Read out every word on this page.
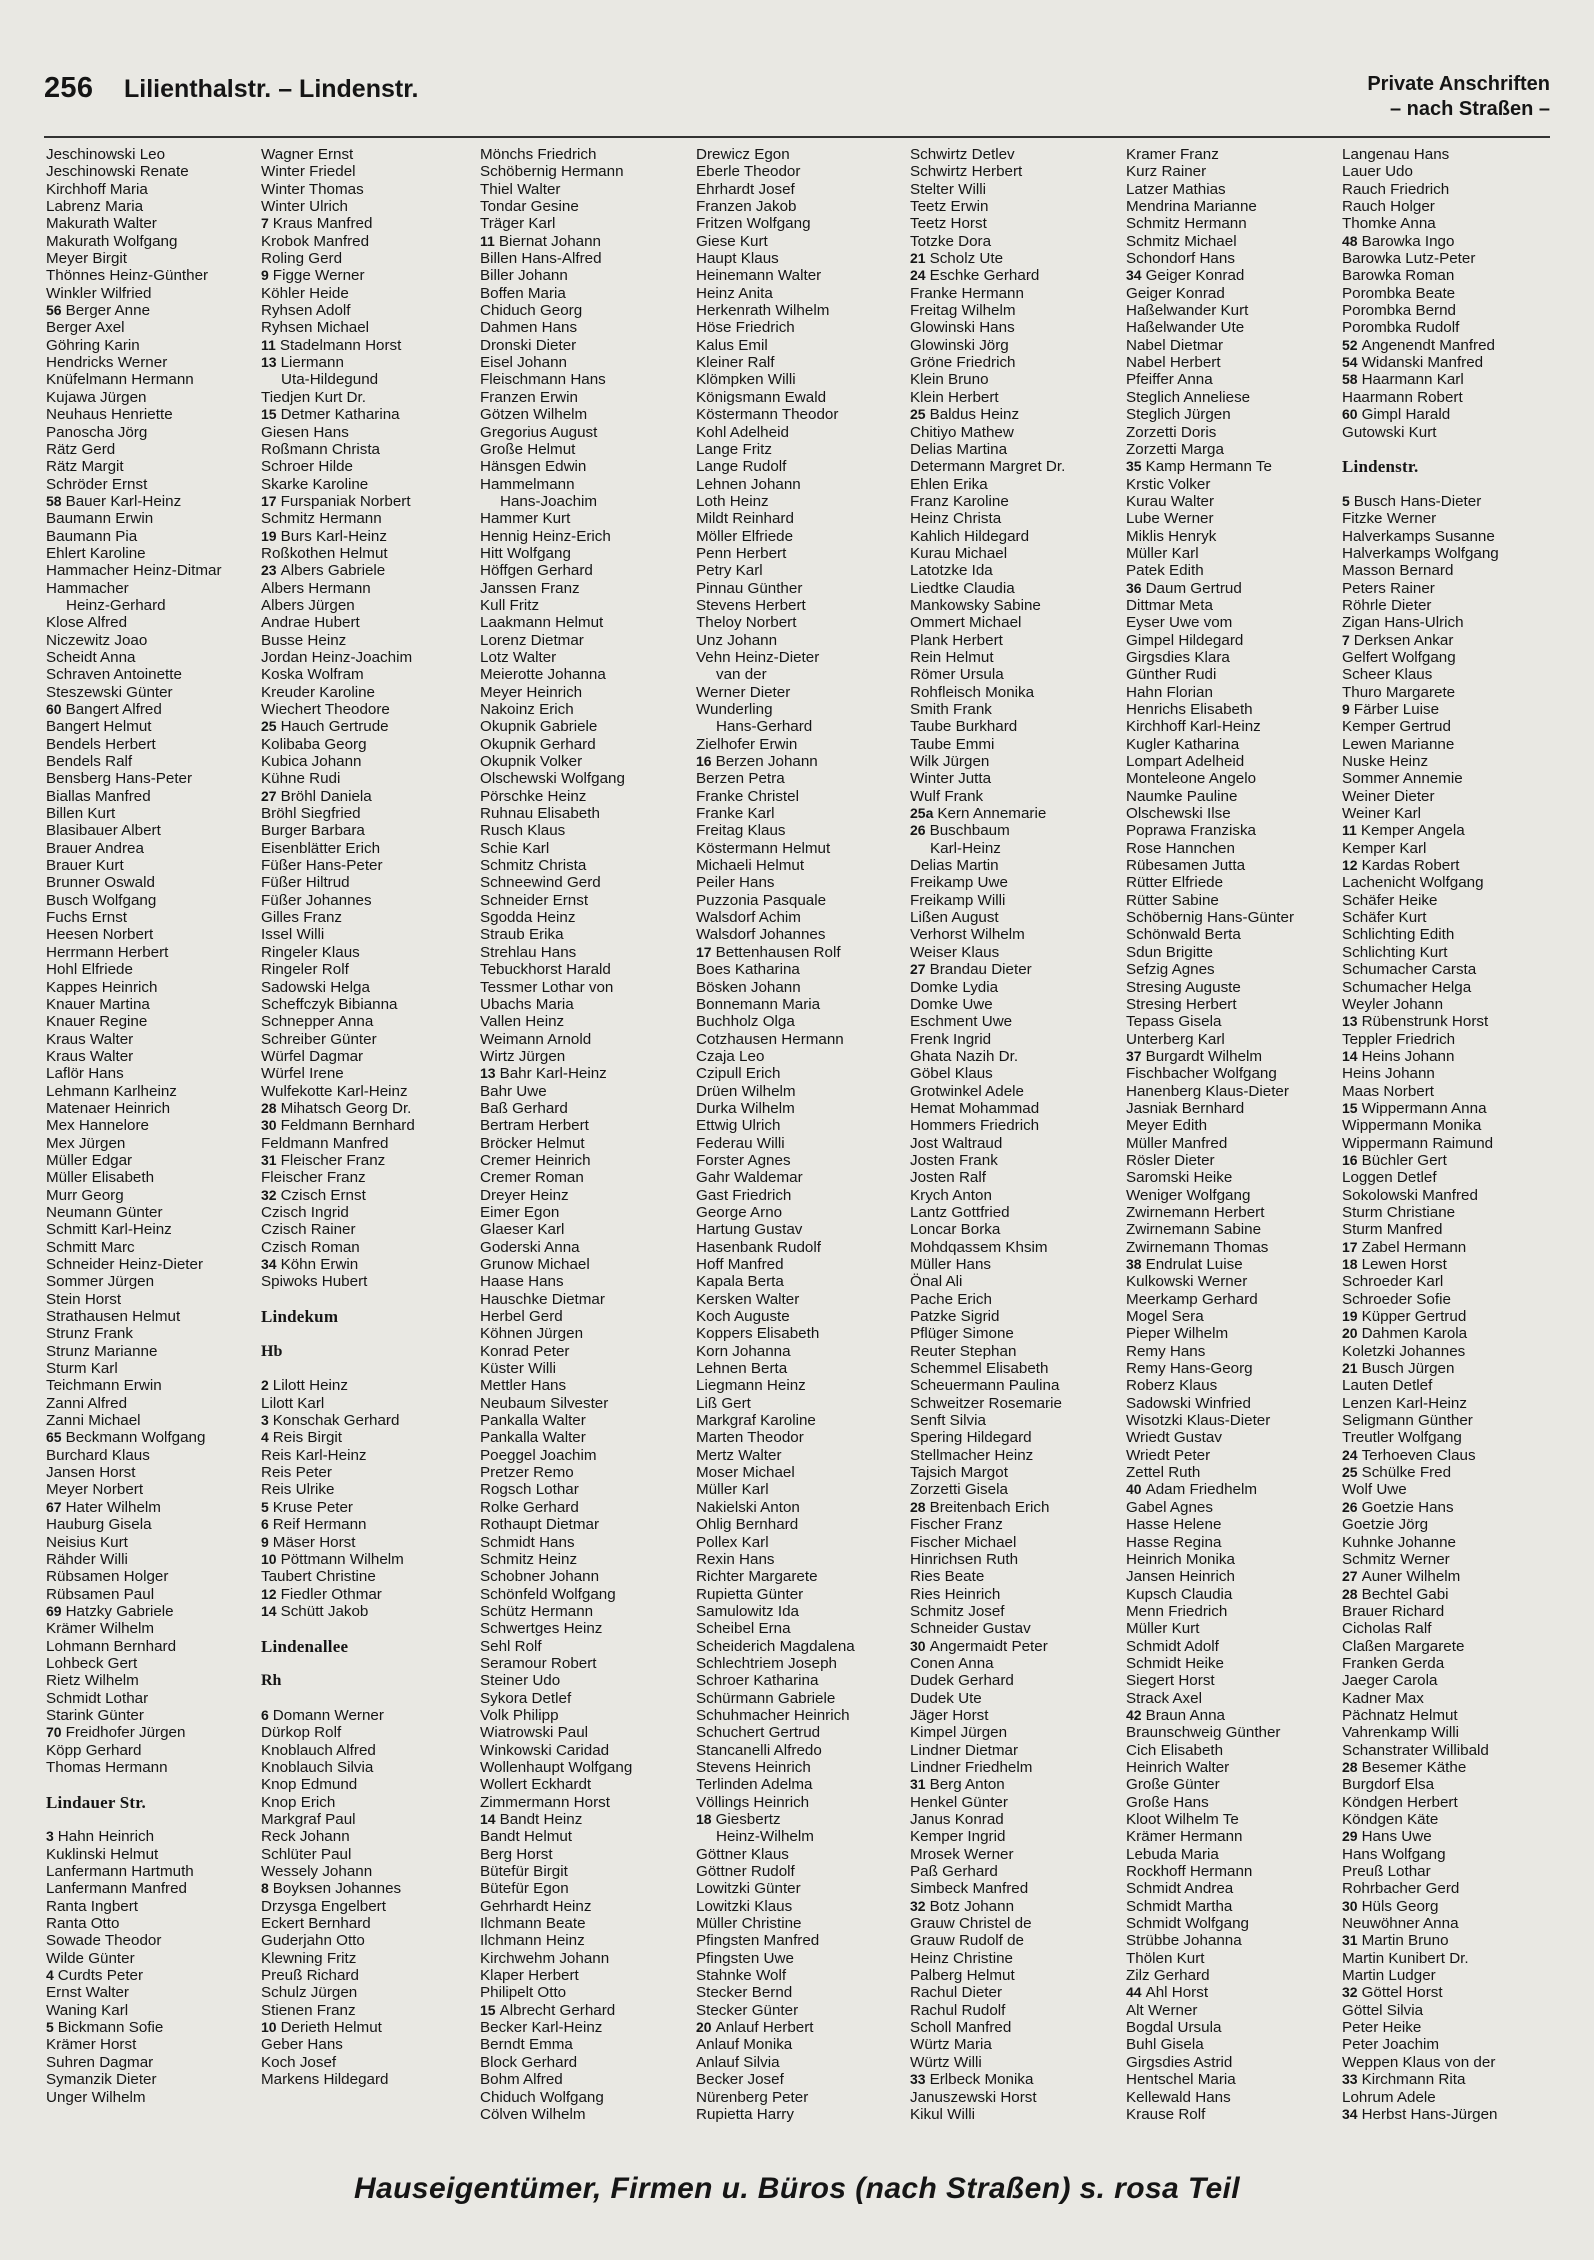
256 Lilienthalstr. – Lindenstr.	Private Anschriften
– nach Straßen –
Jeschinowski Leo
Jeschinowski Renate
Kirchhoff Maria
Labrenz Maria
Makurath Walter
Makurath Wolfgang
Meyer Birgit
Thönnes Heinz-Günther
Winkler Wilfried
56 Berger Anne
Berger Axel
Göhring Karin
Hendricks Werner
Knüfelmann Hermann
Kujawa Jürgen
Neuhaus Henriette
Panoscha Jörg
Rätz Gerd
Rätz Margit
Schröder Ernst
58 Bauer Karl-Heinz
Baumann Erwin
Baumann Pia
Ehlert Karoline
Hammacher Heinz-Ditmar
Hammacher
Heinz-Gerhard
Klose Alfred
Niczewitz Joao
Scheidt Anna
Schraven Antoinette
Steszewski Günter
60 Bangert Alfred
Bangert Helmut
Bendels Herbert
Bendels Ralf
Bensberg Hans-Peter
Biallas Manfred
Billen Kurt
Blasibauer Albert
Brauer Andrea
Brauer Kurt
Brunner Oswald
Busch Wolfgang
Fuchs Ernst
Heesen Norbert
Herrmann Herbert
Hohl Elfriede
Kappes Heinrich
Knauer Martina
Knauer Regine
Kraus Walter
Kraus Walter
Laflör Hans
Lehmann Karlheinz
Matenaer Heinrich
Mex Hannelore
Mex Jürgen
Müller Edgar
Müller Elisabeth
Murr Georg
Neumann Günter
Schmitt Karl-Heinz
Schmitt Marc
Schneider Heinz-Dieter
Sommer Jürgen
Stein Horst
Strathausen Helmut
Strunz Frank
Strunz Marianne
Sturm Karl
Teichmann Erwin
Zanni Alfred
Zanni Michael
65 Beckmann Wolfgang
Burchard Klaus
Jansen Horst
Meyer Norbert
67 Hater Wilhelm
Hauburg Gisela
Neisius Kurt
Rähder Willi
Rübsamen Holger
Rübsamen Paul
69 Hatzky Gabriele
Krämer Wilhelm
Lohmann Bernhard
Lohbeck Gert
Rietz Wilhelm
Schmidt Lothar
Starink Günter
70 Freidhofer Jürgen
Köpp Gerhard
Thomas Hermann
Lindauer Str.
3 Hahn Heinrich
Kuklinski Helmut
Lanfermann Hartmuth
Lanfermann Manfred
Ranta Ingbert
Ranta Otto
Sowade Theodor
Wilde Günter
4 Curdts Peter
Ernst Walter
Waning Karl
5 Bickmann Sofie
Krämer Horst
Suhren Dagmar
Symanzik Dieter
Unger Wilhelm
Wagner Ernst
Winter Friedel
Winter Thomas
Winter Ulrich
7 Kraus Manfred
Krobok Manfred
Roling Gerd
9 Figge Werner
Köhler Heide
Ryhsen Adolf
Ryhsen Michael
11 Stadelmann Horst
13 Liermann
Uta-Hildegund
Tiedjen Kurt Dr.
15 Detmer Katharina
Giesen Hans
Roßmann Christa
Schroer Hilde
Skarke Karoline
17 Furspaniak Norbert
Schmitz Hermann
19 Burs Karl-Heinz
Roßkothen Helmut
23 Albers Gabriele
Albers Hermann
Albers Jürgen
Andrae Hubert
Busse Heinz
Jordan Heinz-Joachim
Koska Wolfram
Kreuder Karoline
Wiechert Theodore
25 Hauch Gertrude
Kolibaba Georg
Kubica Johann
Kühne Rudi
27 Bröhl Daniela
Bröhl Siegfried
Burger Barbara
Eisenblätter Erich
Füßer Hans-Peter
Füßer Hiltrud
Füßer Johannes
Gilles Franz
Issel Willi
Ringeler Klaus
Ringeler Rolf
Sadowski Helga
Scheffczyk Bibianna
Schnepper Anna
Schreiber Günter
Würfel Dagmar
Würfel Irene
Wulfekotte Karl-Heinz
28 Mihatsch Georg Dr.
30 Feldmann Bernhard
Feldmann Manfred
31 Fleischer Franz
Fleischer Franz
32 Czisch Ernst
Czisch Ingrid
Czisch Rainer
Czisch Roman
34 Köhn Erwin
Spiwoks Hubert
Lindekum
Hb
2 Lilott Heinz
Lilott Karl
3 Konschak Gerhard
4 Reis Birgit
Reis Karl-Heinz
Reis Peter
Reis Ulrike
5 Kruse Peter
6 Reif Hermann
9 Mäser Horst
10 Pöttmann Wilhelm
Taubert Christine
12 Fiedler Othmar
14 Schütt Jakob
Lindenallee
Rh
6 Domann Werner
Dürkop Rolf
Knoblauch Alfred
Knoblauch Silvia
Knop Edmund
Knop Erich
Markgraf Paul
Reck Johann
Schlüter Paul
Wessely Johann
8 Boyksen Johannes
Drzysga Engelbert
Eckert Bernhard
Guderjahn Otto
Klewning Fritz
Preuß Richard
Schulz Jürgen
Stienen Franz
10 Derieth Helmut
Geber Hans
Koch Josef
Markens Hildegard
Mönchs Friedrich
Schöbernig Hermann
Thiel Walter
Tondar Gesine
Träger Karl
11 Biernat Johann
Billen Hans-Alfred
Biller Johann
Boffen Maria
Chiduch Georg
Dahmen Hans
Dronski Dieter
Eisel Johann
Fleischmann Hans
Franzen Erwin
Götzen Wilhelm
Gregorius August
Große Helmut
Hänsgen Edwin
Hammelmann
Hans-Joachim
Hammer Kurt
Hennig Heinz-Erich
Hitt Wolfgang
Höffgen Gerhard
Janssen Franz
Kull Fritz
Laakmann Helmut
Lorenz Dietmar
Lotz Walter
Meierotte Johanna
Meyer Heinrich
Nakoinz Erich
Okupnik Gabriele
Okupnik Gerhard
Okupnik Volker
Olschewski Wolfgang
Pörschke Heinz
Ruhnau Elisabeth
Rusch Klaus
Schie Karl
Schmitz Christa
Schneewind Gerd
Schneider Ernst
Sgodda Heinz
Straub Erika
Strehlau Hans
Tebuckhorst Harald
Tessmer Lothar von
Ubachs Maria
Vallen Heinz
Weimann Arnold
Wirtz Jürgen
13 Bahr Karl-Heinz
Bahr Uwe
Baß Gerhard
Bertram Herbert
Bröcker Helmut
Cremer Heinrich
Cremer Roman
Dreyer Heinz
Eimer Egon
Glaeser Karl
Goderski Anna
Grunow Michael
Haase Hans
Hauschke Dietmar
Herbel Gerd
Köhnen Jürgen
Konrad Peter
Küster Willi
Mettler Hans
Neubaum Silvester
Pankalla Walter
Pankalla Walter
Poeggel Joachim
Pretzer Remo
Rogsch Lothar
Rolke Gerhard
Rothaupt Dietmar
Schmidt Hans
Schmitz Heinz
Schobner Johann
Schönfeld Wolfgang
Schütz Hermann
Schwertges Heinz
Sehl Rolf
Seramour Robert
Steiner Udo
Sykora Detlef
Volk Philipp
Wiatrowski Paul
Winkowski Caridad
Wollenhaupt Wolfgang
Wollert Eckhardt
Zimmermann Horst
14 Bandt Heinz
Bandt Helmut
Berg Horst
Bütefür Birgit
Bütefür Egon
Gehrhardt Heinz
Ilchmann Beate
Ilchmann Heinz
Kirchwehm Johann
Klaper Herbert
Philipelt Otto
15 Albrecht Gerhard
Becker Karl-Heinz
Berndt Emma
Block Gerhard
Bohm Alfred
Chiduch Wolfgang
Cölven Wilhelm
Drewicz Egon
Eberle Theodor
Ehrhardt Josef
Franzen Jakob
Fritzen Wolfgang
Giese Kurt
Haupt Klaus
Heinemann Walter
Heinz Anita
Herkenrath Wilhelm
Höse Friedrich
Kalus Emil
Kleiner Ralf
Klömpken Willi
Königsmann Ewald
Köstermann Theodor
Kohl Adelheid
Lange Fritz
Lange Rudolf
Lehnen Johann
Loth Heinz
Mildt Reinhard
Möller Elfriede
Penn Herbert
Petry Karl
Pinnau Günther
Stevens Herbert
Theloy Norbert
Unz Johann
Vehn Heinz-Dieter
van der
Werner Dieter
Wunderling
Hans-Gerhard
Zielhofer Erwin
16 Berzen Johann
Berzen Petra
Franke Christel
Franke Karl
Freitag Klaus
Köstermann Helmut
Michaeli Helmut
Peiler Hans
Puzzonia Pasquale
Walsdorf Achim
Walsdorf Johannes
17 Bettenhausen Rolf
Boes Katharina
Bösken Johann
Bonnemann Maria
Buchholz Olga
Cotzhausen Hermann
Czaja Leo
Czipull Erich
Drüen Wilhelm
Durka Wilhelm
Ettwig Ulrich
Federau Willi
Forster Agnes
Gahr Waldemar
Gast Friedrich
George Arno
Hartung Gustav
Hasenbank Rudolf
Hoff Manfred
Kapala Berta
Kersken Walter
Koch Auguste
Koppers Elisabeth
Korn Johanna
Lehnen Berta
Liegmann Heinz
Liß Gert
Markgraf Karoline
Marten Theodor
Mertz Walter
Moser Michael
Müller Karl
Nakielski Anton
Ohlig Bernhard
Pollex Karl
Rexin Hans
Richter Margarete
Rupietta Günter
Samulowitz Ida
Scheibel Erna
Scheiderich Magdalena
Schlechtriem Joseph
Schroer Katharina
Schürmann Gabriele
Schuhmacher Heinrich
Schuchert Gertrud
Stancanelli Alfredo
Stevens Heinrich
Terlinden Adelma
Völlings Heinrich
18 Giesbertz
Heinz-Wilhelm
Göttner Klaus
Göttner Rudolf
Lowitzki Günter
Lowitzki Klaus
Müller Christine
Pfingsten Manfred
Pfingsten Uwe
Stahnke Wolf
Stecker Bernd
Stecker Günter
20 Anlauf Herbert
Anlauf Monika
Anlauf Silvia
Becker Josef
Nürenberg Peter
Rupietta Harry
Schwirtz Detlev
Schwirtz Herbert
Stelter Willi
Teetz Erwin
Teetz Horst
Totzke Dora
21 Scholz Ute
24 Eschke Gerhard
Franke Hermann
Freitag Wilhelm
Glowinski Hans
Glowinski Jörg
Gröne Friedrich
Klein Bruno
Klein Herbert
25 Baldus Heinz
Chitiyo Mathew
Delias Martina
Determann Margret Dr.
Ehlen Erika
Franz Karoline
Heinz Christa
Kahlich Hildegard
Kurau Michael
Latotzke Ida
Liedtke Claudia
Mankowsky Sabine
Ommert Michael
Plank Herbert
Rein Helmut
Römer Ursula
Rohfleisch Monika
Smith Frank
Taube Burkhard
Taube Emmi
Wilk Jürgen
Winter Jutta
Wulf Frank
25a Kern Annemarie
26 Buschbaum
Karl-Heinz
Delias Martin
Freikamp Uwe
Freikamp Willi
Lißen August
Verhorst Wilhelm
Weiser Klaus
27 Brandau Dieter
Domke Lydia
Domke Uwe
Eschment Uwe
Frenk Ingrid
Ghata Nazih Dr.
Göbel Klaus
Grotwinkel Adele
Hemat Mohammad
Hommers Friedrich
Jost Waltraud
Josten Frank
Josten Ralf
Krych Anton
Lantz Gottfried
Loncar Borka
Mohdqassem Khsim
Müller Hans
Önal Ali
Pache Erich
Patzke Sigrid
Pflüger Simone
Reuter Stephan
Schemmel Elisabeth
Scheuermann Paulina
Schweitzer Rosemarie
Senft Silvia
Spering Hildegard
Stellmacher Heinz
Tajsich Margot
Zorzetti Gisela
28 Breitenbach Erich
Fischer Franz
Fischer Michael
Hinrichsen Ruth
Ries Beate
Ries Heinrich
Schmitz Josef
Schneider Gustav
30 Angermaidt Peter
Conen Anna
Dudek Gerhard
Dudek Ute
Jäger Horst
Kimpel Jürgen
Lindner Dietmar
Lindner Friedhelm
31 Berg Anton
Henkel Günter
Janus Konrad
Kemper Ingrid
Mrosek Werner
Paß Gerhard
Simbeck Manfred
32 Botz Johann
Grauw Christel de
Grauw Rudolf de
Heinz Christine
Palberg Helmut
Rachul Dieter
Rachul Rudolf
Scholl Manfred
Würtz Maria
Würtz Willi
33 Erlbeck Monika
Januszewski Horst
Kikul Willi
Kramer Franz
Kurz Rainer
Latzer Mathias
Mendrina Marianne
Schmitz Hermann
Schmitz Michael
Schondorf Hans
34 Geiger Konrad
Geiger Konrad
Haßelwander Kurt
Haßelwander Ute
Nabel Dietmar
Nabel Herbert
Pfeiffer Anna
Steglich Anneliese
Steglich Jürgen
Zorzetti Doris
Zorzetti Marga
35 Kamp Hermann Te
Krstic Volker
Kurau Walter
Lube Werner
Miklis Henryk
Müller Karl
Patek Edith
36 Daum Gertrud
Dittmar Meta
Eyser Uwe vom
Gimpel Hildegard
Girgsdies Klara
Günther Rudi
Hahn Florian
Henrichs Elisabeth
Kirchhoff Karl-Heinz
Kugler Katharina
Lompart Adelheid
Monteleone Angelo
Naumke Pauline
Olschewski Ilse
Poprawa Franziska
Rose Hannchen
Rübesamen Jutta
Rütter Elfriede
Rütter Sabine
Schöbernig Hans-Günter
Schönwald Berta
Sdun Brigitte
Sefzig Agnes
Stresing Auguste
Stresing Herbert
Tepass Gisela
Unterberg Karl
37 Burgardt Wilhelm
Fischbacher Wolfgang
Hanenberg Klaus-Dieter
Jasniak Bernhard
Meyer Edith
Müller Manfred
Rösler Dieter
Saromski Heike
Weniger Wolfgang
Zwirnemann Herbert
Zwirnemann Sabine
Zwirnemann Thomas
38 Endrulat Luise
Kulkowski Werner
Meerkamp Gerhard
Mogel Sera
Pieper Wilhelm
Remy Hans
Remy Hans-Georg
Roberz Klaus
Sadowski Winfried
Wisotzki Klaus-Dieter
Wriedt Gustav
Wriedt Peter
Zettel Ruth
40 Adam Friedhelm
Gabel Agnes
Hasse Helene
Hasse Regina
Heinrich Monika
Jansen Heinrich
Kupsch Claudia
Menn Friedrich
Müller Kurt
Schmidt Adolf
Schmidt Heike
Siegert Horst
Strack Axel
42 Braun Anna
Braunschweig Günther
Cich Elisabeth
Heinrich Walter
Große Günter
Große Hans
Kloot Wilhelm Te
Krämer Hermann
Lebuda Maria
Rockhoff Hermann
Schmidt Andrea
Schmidt Martha
Schmidt Wolfgang
Strübbe Johanna
Thölen Kurt
Zilz Gerhard
44 Ahl Horst
Alt Werner
Bogdal Ursula
Buhl Gisela
Girgsdies Astrid
Hentschel Maria
Kellewald Hans
Krause Rolf
Langenau Hans
Lauer Udo
Rauch Friedrich
Rauch Holger
Thomke Anna
48 Barowka Ingo
Barowka Lutz-Peter
Barowka Roman
Porombka Beate
Porombka Bernd
Porombka Rudolf
52 Angenendt Manfred
54 Widanski Manfred
58 Haarmann Karl
Haarmann Robert
60 Gimpl Harald
Gutowski Kurt
Lindenstr.
5 Busch Hans-Dieter
Fitzke Werner
Halverkamps Susanne
Halverkamps Wolfgang
Masson Bernard
Peters Rainer
Röhrle Dieter
Zigan Hans-Ulrich
7 Derksen Ankar
Gelfert Wolfgang
Scheer Klaus
Thuro Margarete
9 Färber Luise
Kemper Gertrud
Lewen Marianne
Nuske Heinz
Sommer Annemie
Weiner Dieter
Weiner Karl
11 Kemper Angela
Kemper Karl
12 Kardas Robert
Lachenicht Wolfgang
Schäfer Heike
Schäfer Kurt
Schlichting Edith
Schlichting Kurt
Schumacher Carsta
Schumacher Helga
Weyler Johann
13 Rübenstrunk Horst
Teppler Friedrich
14 Heins Johann
Heins Johann
Maas Norbert
15 Wippermann Anna
Wippermann Monika
Wippermann Raimund
16 Büchler Gert
Loggen Detlef
Sokolowski Manfred
Sturm Christiane
Sturm Manfred
17 Zabel Hermann
18 Lewen Horst
Schroeder Karl
Schroeder Sofie
19 Küpper Gertrud
20 Dahmen Karola
Koletzki Johannes
21 Busch Jürgen
Lauten Detlef
Lenzen Karl-Heinz
Seligmann Günther
Treutler Wolfgang
24 Terhoeven Claus
25 Schülke Fred
Wolf Uwe
26 Goetzie Hans
Goetzie Jörg
Kuhnke Johanne
Schmitz Werner
27 Auner Wilhelm
28 Bechtel Gabi
Brauer Richard
Cicholas Ralf
Claßen Margarete
Franken Gerda
Jaeger Carola
Kadner Max
Pächnatz Helmut
Vahrenkamp Willi
Schanstrater Willibald
28 Besemer Käthe
Burgdorf Elsa
Köndgen Herbert
Köndgen Käte
29 Hans Uwe
Hans Wolfgang
Preuß Lothar
Rohrbacher Gerd
30 Hüls Georg
Neuwöhner Anna
31 Martin Bruno
Martin Kunibert Dr.
Martin Ludger
32 Göttel Horst
Göttel Silvia
Peter Heike
Peter Joachim
Weppen Klaus von der
33 Kirchmann Rita
Lohrum Adele
34 Herbst Hans-Jürgen
Hauseigentümer, Firmen u. Büros (nach Straßen) s. rosa Teil
